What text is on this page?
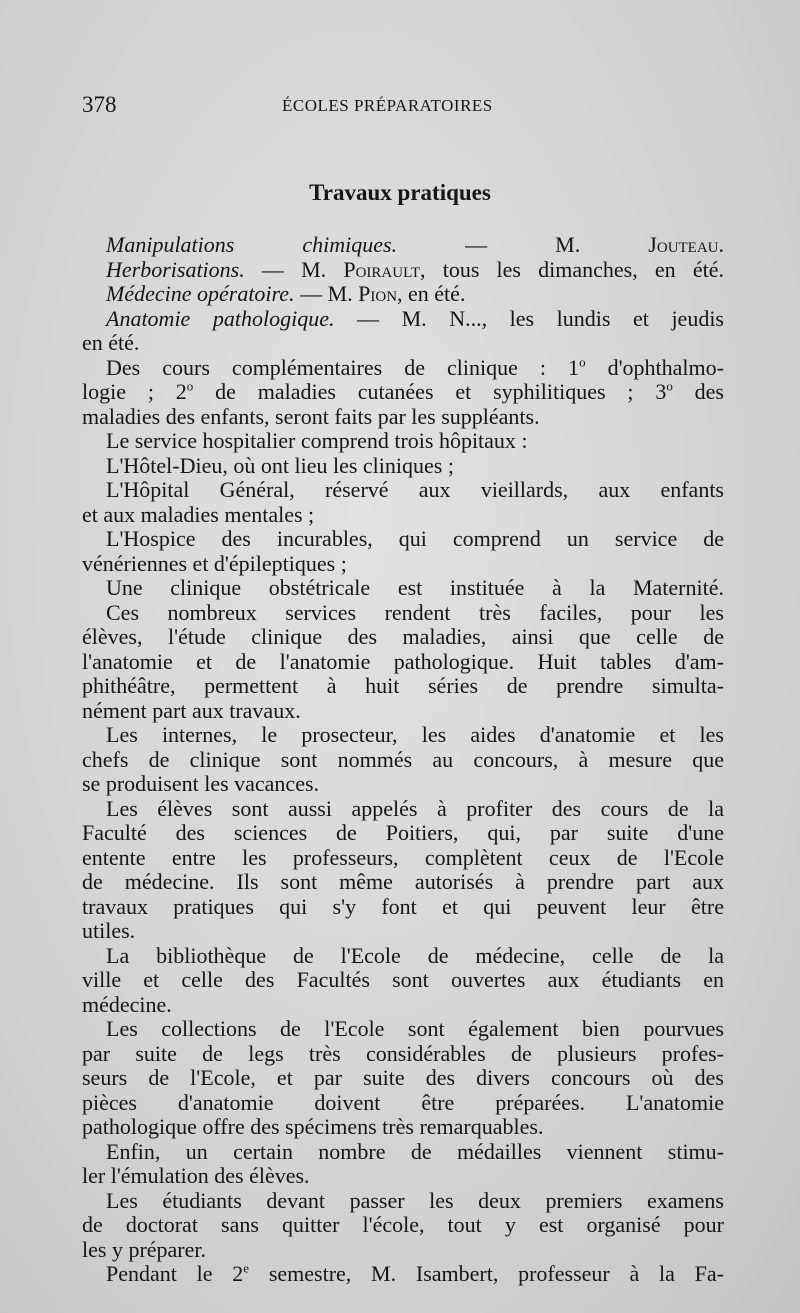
378	ÉCOLES PRÉPARATOIRES
Travaux pratiques
Manipulations chimiques. — M. Jouteau.
Herborisations. — M. Poirault, tous les dimanches, en été.
Médecine opératoire. — M. Pion, en été.
Anatomie pathologique. — M. N..., les lundis et jeudis
en été.
Des cours complémentaires de clinique : 1$^o$ d'ophthalmo-
logie ; 2$^o$ de maladies cutanées et syphilitiques ; 3$^o$ des
maladies des enfants, seront faits par les suppléants.
Le service hospitalier comprend trois hôpitaux :
L'Hôtel-Dieu, où ont lieu les cliniques ;
L'Hôpital Général, réservé aux vieillards, aux enfants
et aux maladies mentales ;
L'Hospice des incurables, qui comprend un service de
vénériennes et d'épileptiques ;
Une clinique obstétricale est instituée à la Maternité.
Ces nombreux services rendent très faciles, pour les
élèves, l'étude clinique des maladies, ainsi que celle de
l'anatomie et de l'anatomie pathologique. Huit tables d'am-
phithéâtre, permettent à huit séries de prendre simulta-
nément part aux travaux.
Les internes, le prosecteur, les aides d'anatomie et les
chefs de clinique sont nommés au concours, à mesure que
se produisent les vacances.
Les élèves sont aussi appelés à profiter des cours de la
Faculté des sciences de Poitiers, qui, par suite d'une
entente entre les professeurs, complètent ceux de l'Ecole
de médecine. Ils sont même autorisés à prendre part aux
travaux pratiques qui s'y font et qui peuvent leur être
utiles.
La bibliothèque de l'Ecole de médecine, celle de la
ville et celle des Facultés sont ouvertes aux étudiants en
médecine.
Les collections de l'Ecole sont également bien pourvues
par suite de legs très considérables de plusieurs profes-
seurs de l'Ecole, et par suite des divers concours où des
pièces d'anatomie doivent être préparées. L'anatomie
pathologique offre des spécimens très remarquables.
Enfin, un certain nombre de médailles viennent stimu-
ler l'émulation des élèves.
Les étudiants devant passer les deux premiers examens
de doctorat sans quitter l'école, tout y est organisé pour
les y préparer.
Pendant le 2e semestre, M. Isambert, professeur à la Fa-
